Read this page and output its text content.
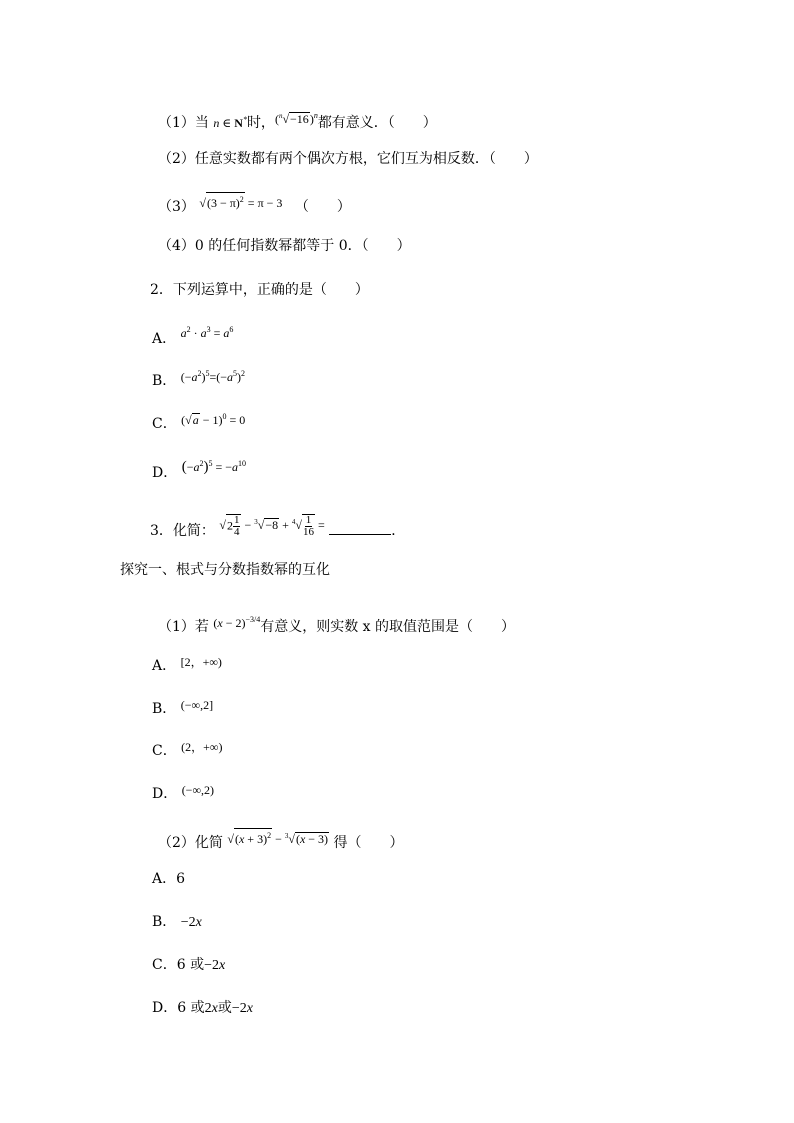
（1）当 n ∈ N*时，$(^n√-16)^n$都有意义．（　　）
（2）任意实数都有两个偶次方根，它们互为相反数．（　　）
（3） $√(3 - \pi)^2 = \pi - 3$ （　　）
（4）0 的任何指数幂都等于 0．（　　）
2．下列运算中，正确的是（　　）
A． $a^2 \cdot a^3 = a^6$
B． $(-a^2)^5=(-a^5)^2$
C． $(√a - 1)^0 = 0$
D． $(-a^2)^5 = -a^{10}$
3．化简： $√2 \frac{1}{4} - ^3√-8 + ^4√ \frac{1}{16}$ =	．
探究一、根式与分数指数幂的互化
（1）若 $(x - 2)^{-3/4}$有意义，则实数 x 的取值范围是（　　）
A． [2，+∞)
B． (−∞,2]
C． (2，+∞)
D． (−∞,2)
（2）化简 $√(x + 3)^2 - ^3√(x - 3)$ 得（　　）
A．6
B． −2x
C．6 或−2x
D．6 或2x或−2x
